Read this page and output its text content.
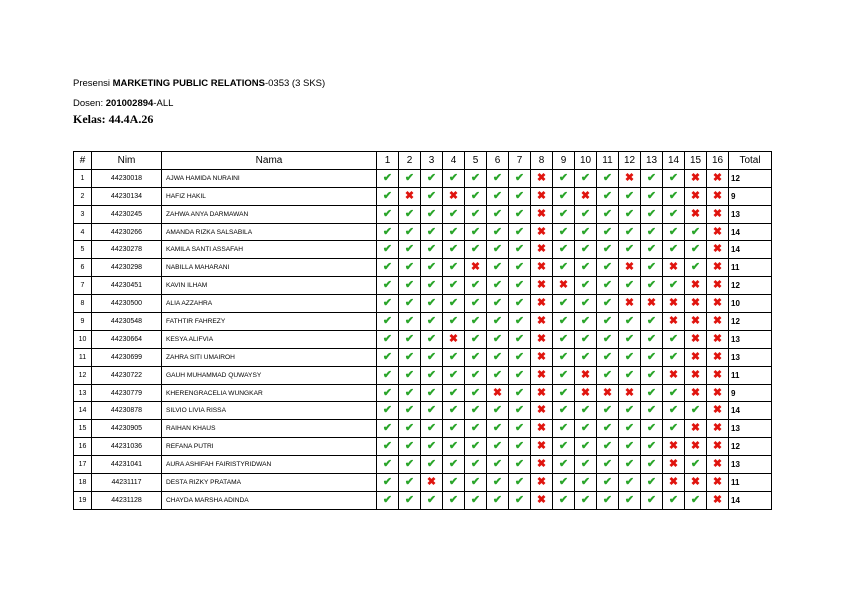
Presensi MARKETING PUBLIC RELATIONS-0353 (3 SKS)
Dosen: 201002894-ALL
Kelas: 44.4A.26
#	Nim	Nama	1	2	3	4	5	6	7	8	9	10	11	12	13	14	15	16	Total
1	44230018	AJWA HAMIDA NURAINI	✔	✔	✔	✔	✔	✔	✔	✖	✔	✔	✔	✖	✔	✔	✖	✖	12
2	44230134	HAFIZ HAKIL	✔	✖	✔	✖	✔	✔	✔	✖	✔	✖	✔	✔	✔	✔	✖	✖	9
3	44230245	ZAHWA ANYA DARMAWAN	✔	✔	✔	✔	✔	✔	✔	✖	✔	✔	✔	✔	✔	✔	✖	✖	13
4	44230266	AMANDA RIZKA SALSABILA	✔	✔	✔	✔	✔	✔	✔	✖	✔	✔	✔	✔	✔	✔	✔	✖	14
5	44230278	KAMILA SANTI ASSAFAH	✔	✔	✔	✔	✔	✔	✔	✖	✔	✔	✔	✔	✔	✔	✔	✖	14
6	44230298	NABILLA MAHARANI	✔	✔	✔	✔	✖	✔	✔	✖	✔	✔	✔	✖	✔	✖	✔	✖	11
7	44230451	KAVIN ILHAM	✔	✔	✔	✔	✔	✔	✔	✖	✖	✔	✔	✔	✔	✔	✖	✖	12
8	44230500	ALIA AZZAHRA	✔	✔	✔	✔	✔	✔	✔	✖	✔	✔	✔	✖	✖	✖	✖	✖	10
9	44230548	FATHTIR FAHREZY	✔	✔	✔	✔	✔	✔	✔	✖	✔	✔	✔	✔	✔	✖	✖	✖	12
10	44230664	KESYA ALIFVIA	✔	✔	✔	✖	✔	✔	✔	✖	✔	✔	✔	✔	✔	✔	✖	✖	13
11	44230699	ZAHRA SITI UMAIROH	✔	✔	✔	✔	✔	✔	✔	✖	✔	✔	✔	✔	✔	✔	✖	✖	13
12	44230722	GAUH MUHAMMAD QUWAYSY	✔	✔	✔	✔	✔	✔	✔	✖	✔	✖	✔	✔	✔	✖	✖	✖	11
13	44230779	KHERENGRACELIA WUNGKAR	✔	✔	✔	✔	✔	✖	✔	✖	✔	✖	✖	✖	✔	✔	✖	✖	9
14	44230878	SILVIO LIVIA RISSA	✔	✔	✔	✔	✔	✔	✔	✖	✔	✔	✔	✔	✔	✔	✔	✖	14
15	44230905	RAIHAN KHAUS	✔	✔	✔	✔	✔	✔	✔	✖	✔	✔	✔	✔	✔	✔	✖	✖	13
16	44231036	REFANA PUTRI	✔	✔	✔	✔	✔	✔	✔	✖	✔	✔	✔	✔	✔	✖	✖	✖	12
17	44231041	AURA ASHIFAH FAIRISTYRIDWAN	✔	✔	✔	✔	✔	✔	✔	✖	✔	✔	✔	✔	✔	✖	✔	✖	13
18	44231117	DESTA RIZKY PRATAMA	✔	✔	✖	✔	✔	✔	✔	✖	✔	✔	✔	✔	✔	✖	✖	✖	11
19	44231128	CHAYDA MARSHA ADINDA	✔	✔	✔	✔	✔	✔	✔	✖	✔	✔	✔	✔	✔	✔	✔	✖	14
